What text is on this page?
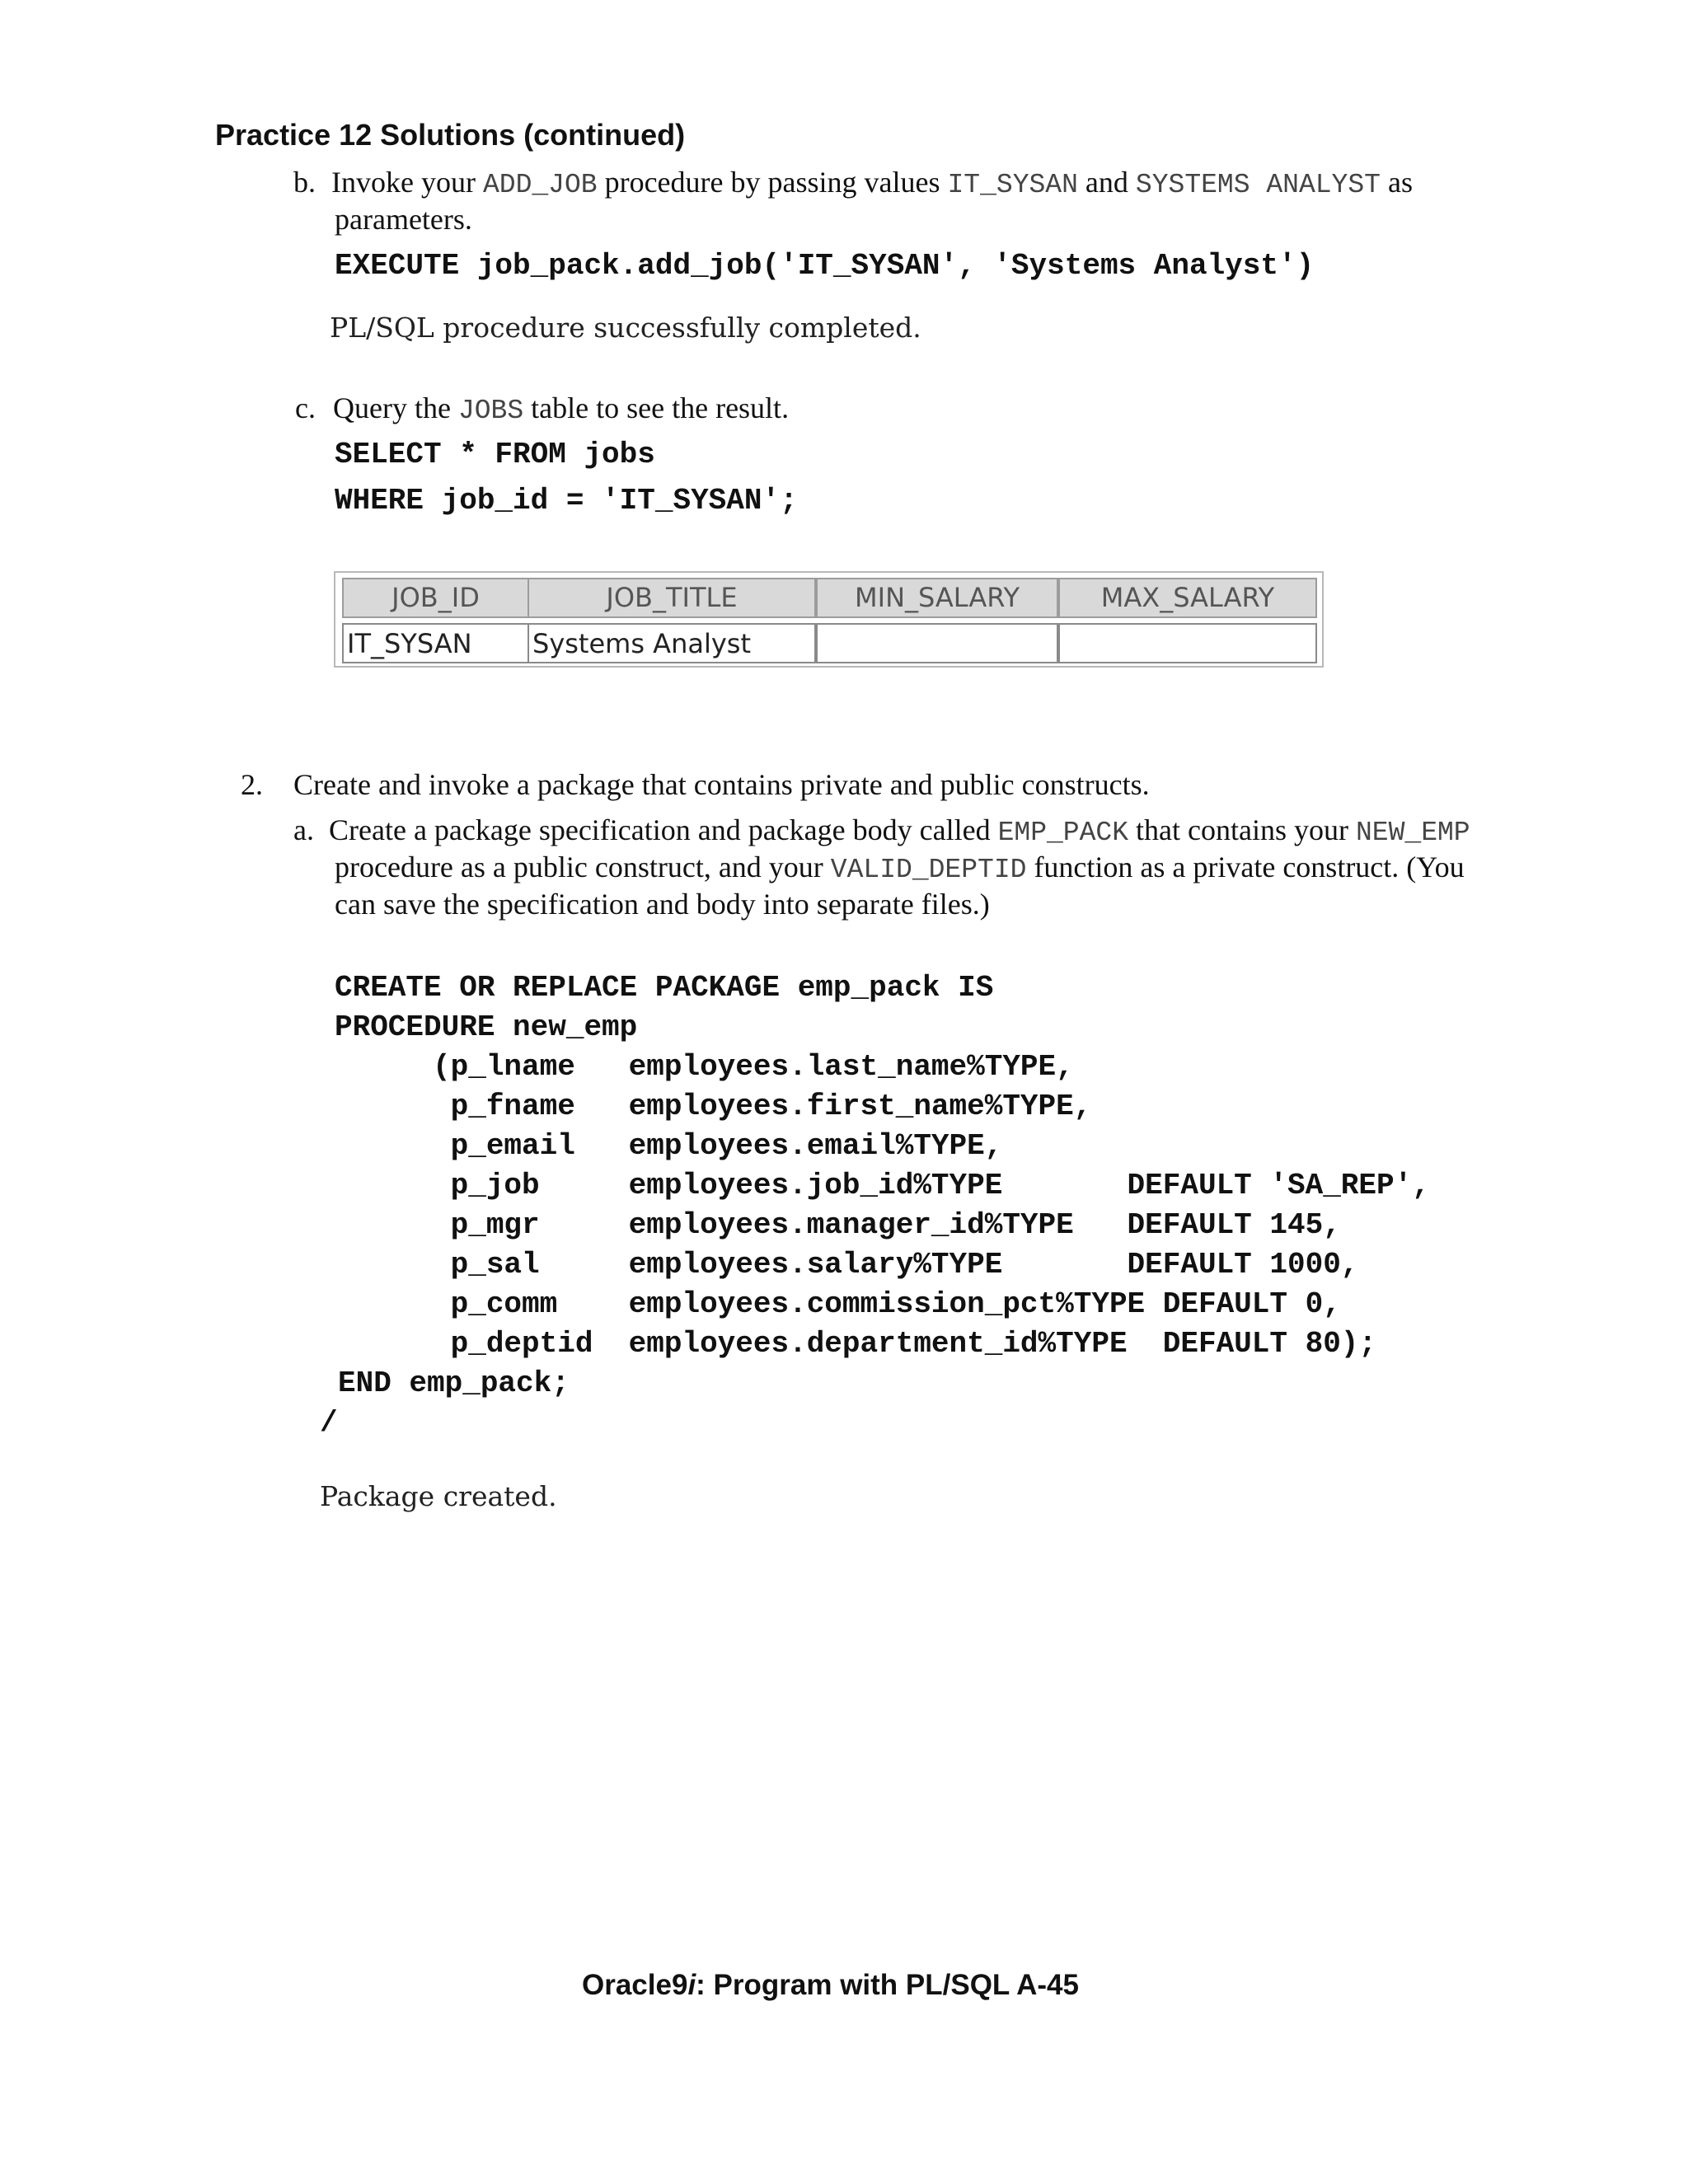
Practice 12 Solutions (continued)
b. Invoke your ADD_JOB procedure by passing values IT_SYSAN and SYSTEMS ANALYST as
parameters.
EXECUTE job_pack.add_job('IT_SYSAN', 'Systems Analyst')
PL/SQL procedure successfully completed.
c. Query the JOBS table to see the result.
SELECT * FROM jobs
WHERE job_id = 'IT_SYSAN';
JOB_ID	JOB_TITLE	MIN_SALARY	MAX_SALARY
IT_SYSAN	Systems Analyst
2. Create and invoke a package that contains private and public constructs.
a. Create a package specification and package body called EMP_PACK that contains your NEW_EMP
procedure as a public construct, and your VALID_DEPTID function as a private construct. (You
can save the specification and body into separate files.)
CREATE OR REPLACE PACKAGE emp_pack IS
PROCEDURE new_emp
(p_lname   employees.last_name%TYPE,
p_fname   employees.first_name%TYPE,
p_email   employees.email%TYPE,
p_job     employees.job_id%TYPE       DEFAULT 'SA_REP',
p_mgr     employees.manager_id%TYPE   DEFAULT 145,
p_sal     employees.salary%TYPE       DEFAULT 1000,
p_comm    employees.commission_pct%TYPE DEFAULT 0,
p_deptid  employees.department_id%TYPE  DEFAULT 80);
END emp_pack;
/
Package created.
Oracle9i: Program with PL/SQL A-45
